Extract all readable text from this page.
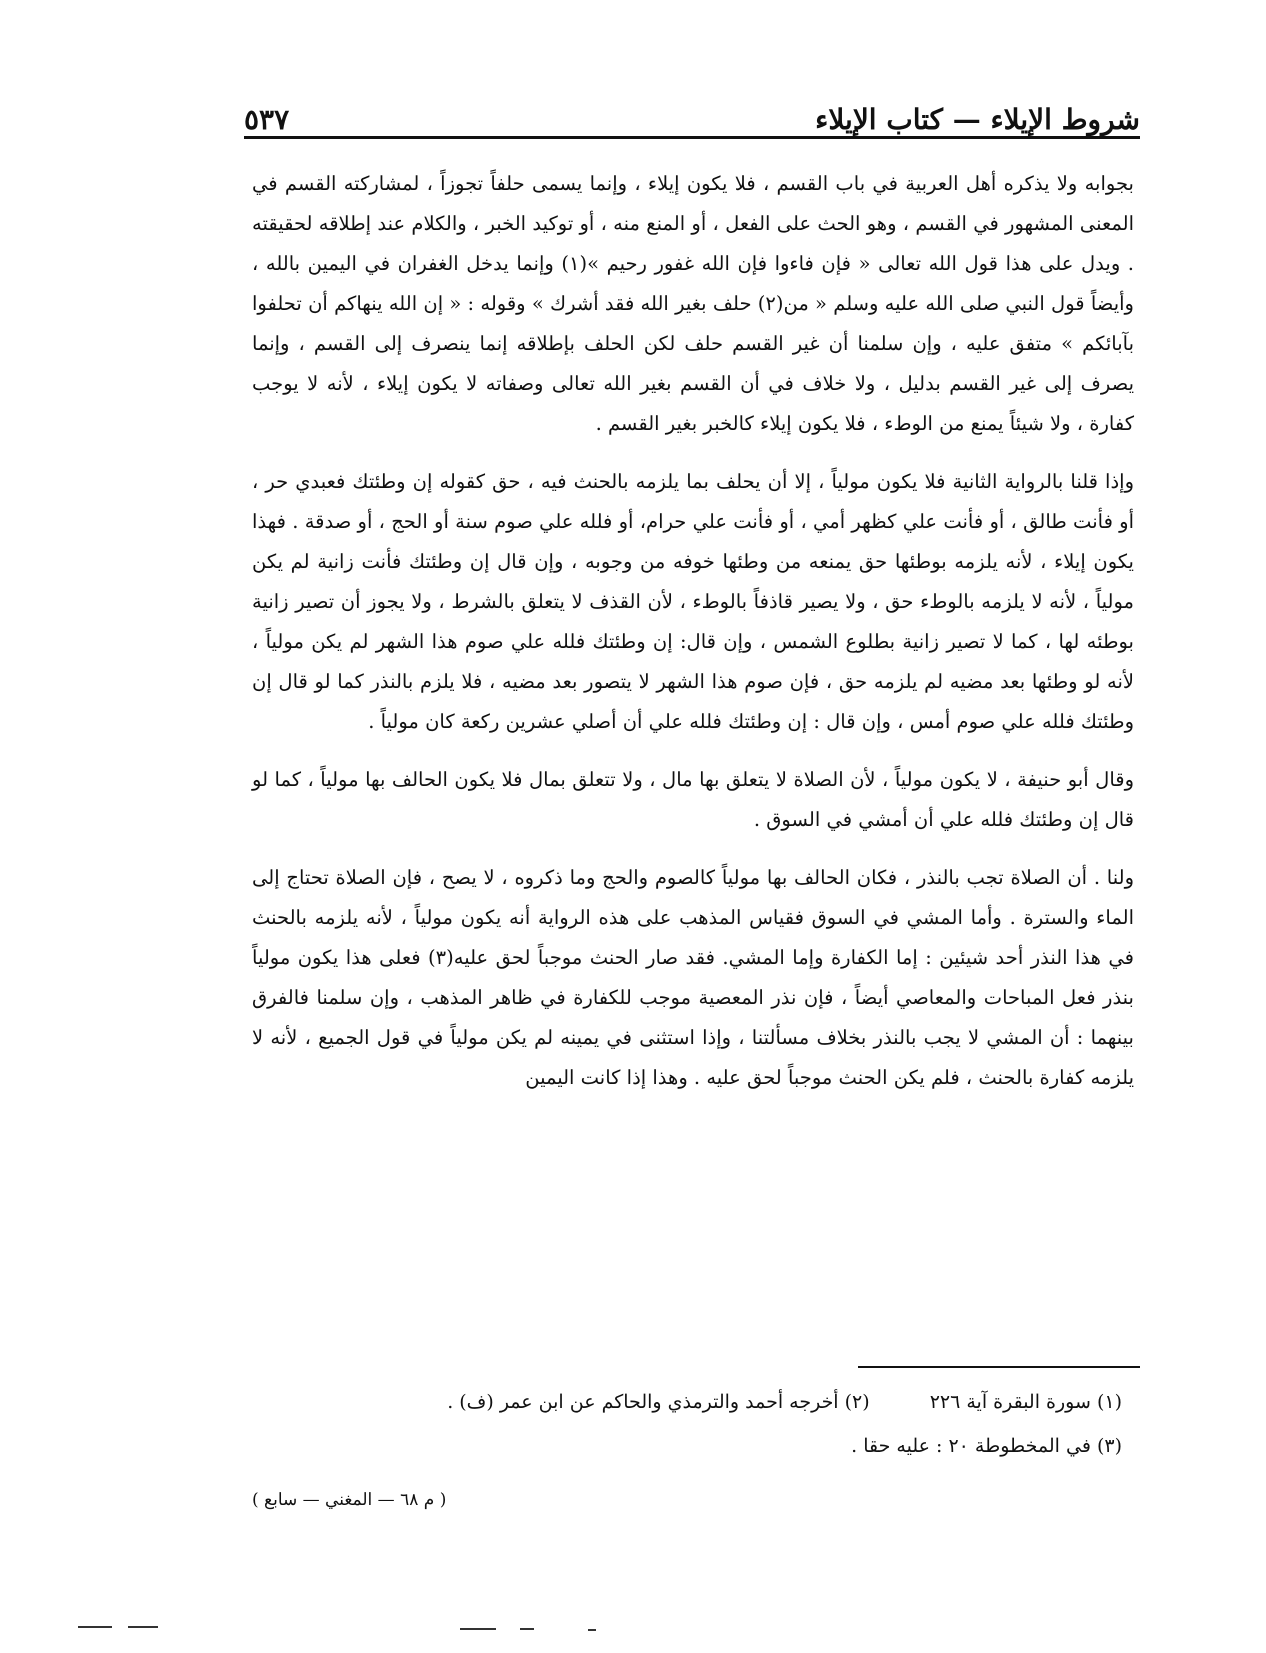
شروط الإيلاء — كتاب الإيلاء
٥٣٧

بجوابه ولا يذكره أهل العربية في باب القسم ، فلا يكون إيلاء ، وإنما يسمى حلفاً تجوزاً ، لمشاركته القسم في المعنى المشهور في القسم ، وهو الحث على الفعل ، أو المنع منه ، أو توكيد الخبر ، والكلام عند إطلاقه لحقيقته . ويدل على هذا قول الله تعالى « فإن فاءوا فإن الله غفور رحيم »(١) وإنما يدخل الغفران في اليمين بالله ، وأيضاً قول النبي صلى الله عليه وسلم « من(٢) حلف بغير الله فقد أشرك » وقوله : « إن الله ينهاكم أن تحلفوا بآبائكم » متفق عليه ، وإن سلمنا أن غير القسم حلف لكن الحلف بإطلاقه إنما ينصرف إلى القسم ، وإنما يصرف إلى غير القسم بدليل ، ولا خلاف في أن القسم بغير الله تعالى وصفاته لا يكون إيلاء ، لأنه لا يوجب كفارة ، ولا شيئاً يمنع من الوطء ، فلا يكون إيلاء كالخبر بغير القسم .

وإذا قلنا بالرواية الثانية فلا يكون مولياً ، إلا أن يحلف بما يلزمه بالحنث فيه ، حق كقوله إن وطئتك فعبدي حر ، أو فأنت طالق ، أو فأنت علي كظهر أمي ، أو فأنت علي حرام، أو فلله علي صوم سنة أو الحج ، أو صدقة . فهذا يكون إيلاء ، لأنه يلزمه بوطئها حق يمنعه من وطئها خوفه من وجوبه ، وإن قال إن وطئتك فأنت زانية لم يكن مولياً ، لأنه لا يلزمه بالوطء حق ، ولا يصير قاذفاً بالوطء ، لأن القذف لا يتعلق بالشرط ، ولا يجوز أن تصير زانية بوطئه لها ، كما لا تصير زانية بطلوع الشمس ، وإن قال: إن وطئتك فلله علي صوم هذا الشهر لم يكن مولياً ، لأنه لو وطئها بعد مضيه لم يلزمه حق ، فإن صوم هذا الشهر لا يتصور بعد مضيه ، فلا يلزم بالنذر كما لو قال إن وطئتك فلله علي صوم أمس ، وإن قال : إن وطئتك فلله علي أن أصلي عشرين ركعة كان مولياً .

وقال أبو حنيفة ، لا يكون مولياً ، لأن الصلاة لا يتعلق بها مال ، ولا تتعلق بمال فلا يكون الحالف بها مولياً ، كما لو قال إن وطئتك فلله علي أن أمشي في السوق .

ولنا . أن الصلاة تجب بالنذر ، فكان الحالف بها مولياً كالصوم والحج وما ذكروه ، لا يصح ، فإن الصلاة تحتاج إلى الماء والسترة . وأما المشي في السوق فقياس المذهب على هذه الرواية أنه يكون مولياً ، لأنه يلزمه بالحنث في هذا النذر أحد شيئين : إما الكفارة وإما المشي. فقد صار الحنث موجباً لحق عليه(٣) فعلى هذا يكون مولياً بنذر فعل المباحات والمعاصي أيضاً ، فإن نذر المعصية موجب للكفارة في ظاهر المذهب ، وإن سلمنا فالفرق بينهما : أن المشي لا يجب بالنذر بخلاف مسألتنا ، وإذا استثنى في يمينه لم يكن مولياً في قول الجميع ، لأنه لا يلزمه كفارة بالحنث ، فلم يكن الحنث موجباً لحق عليه . وهذا إذا كانت اليمين

(١) سورة البقرة آية ٢٢٦
(٢) أخرجه أحمد والترمذي والحاكم عن ابن عمر (ف) .
(٣) في المخطوطة ٢٠ : عليه حقا .
( م ٦٨ — المغني — سابع )
